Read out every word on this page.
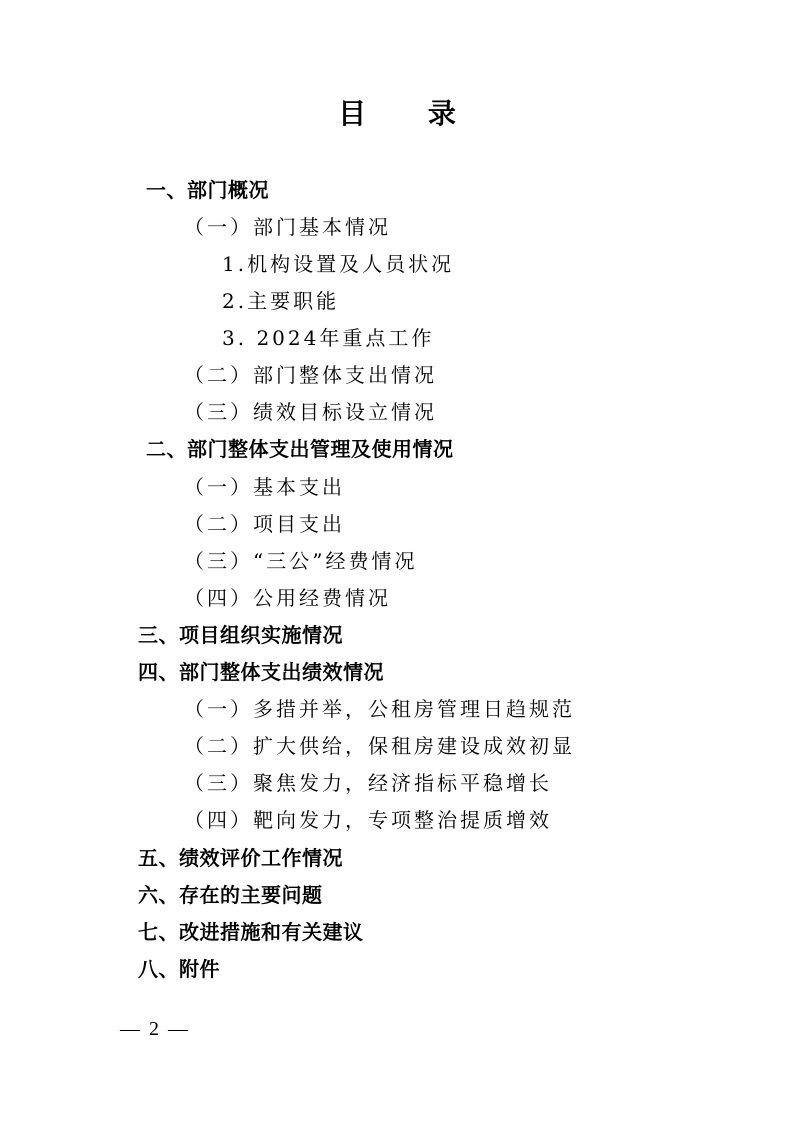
目 录
一、部门概况
（一）部门基本情况
1.机构设置及人员状况
2.主要职能
3. 2024年重点工作
（二）部门整体支出情况
（三）绩效目标设立情况
二、部门整体支出管理及使用情况
（一）基本支出
（二）项目支出
（三）“三公”经费情况
（四）公用经费情况
三、项目组织实施情况
四、部门整体支出绩效情况
（一）多措并举，公租房管理日趋规范
（二）扩大供给，保租房建设成效初显
（三）聚焦发力，经济指标平稳增长
（四）靶向发力，专项整治提质增效
五、绩效评价工作情况
六、存在的主要问题
七、改进措施和有关建议
八、附件
— 2 —
